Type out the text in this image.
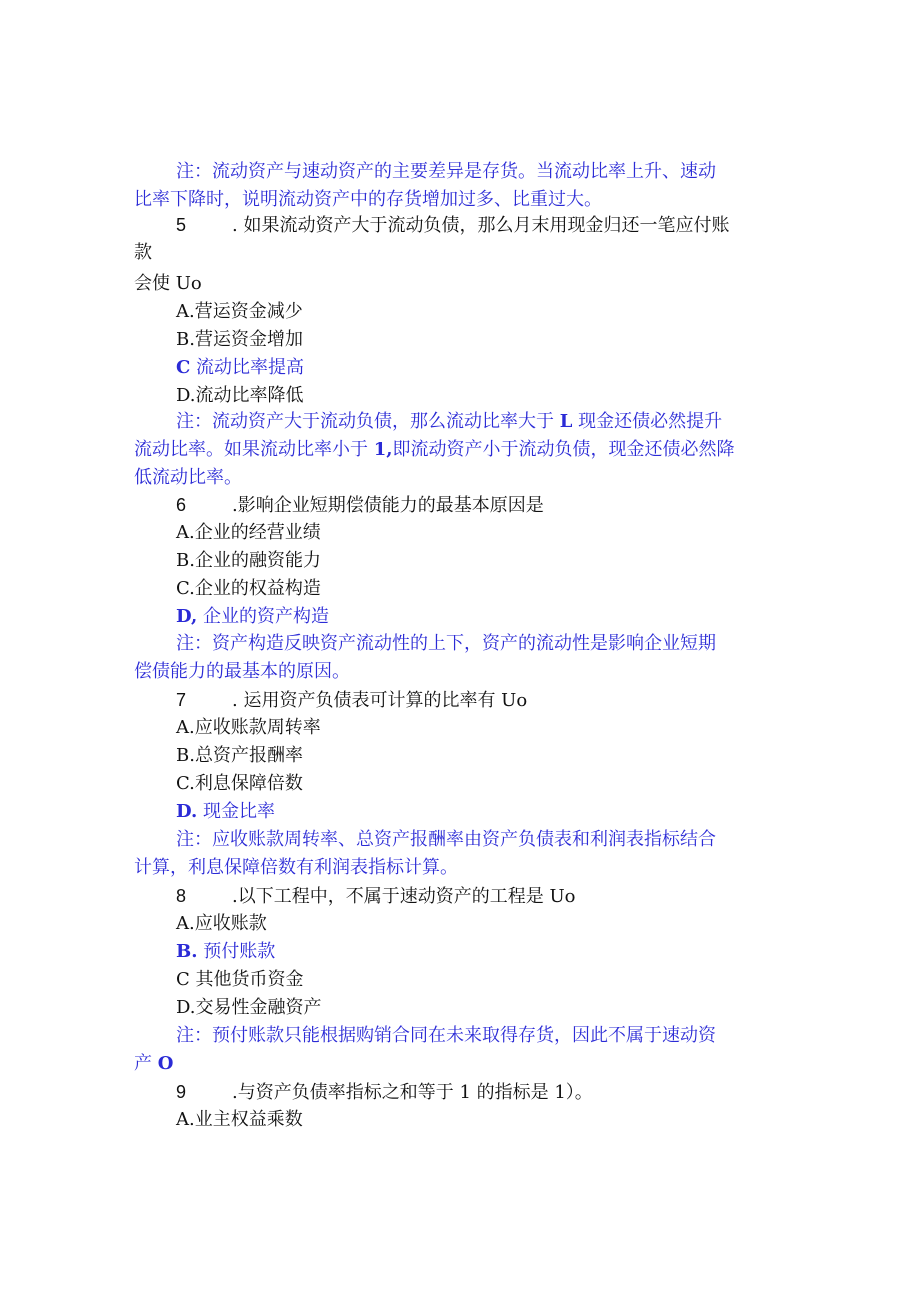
注：流动资产与速动资产的主要差异是存货。当流动比率上升、速动
比率下降时，说明流动资产中的存货增加过多、比重过大。
5	. 如果流动资产大于流动负债，那么月末用现金归还一笔应付账
款
会使 Uo
A.营运资金减少
B.营运资金增加
C 流动比率提高
D.流动比率降低
注：流动资产大于流动负债，那么流动比率大于 L 现金还债必然提升
流动比率。如果流动比率小于 1,即流动资产小于流动负债，现金还债必然降
低流动比率。
6	.影响企业短期偿债能力的最基本原因是
A.企业的经营业绩
B.企业的融资能力
C.企业的权益构造
D, 企业的资产构造
注：资产构造反映资产流动性的上下，资产的流动性是影响企业短期
偿债能力的最基本的原因。
7	. 运用资产负债表可计算的比率有 Uo
A.应收账款周转率
B.总资产报酬率
C.利息保障倍数
D. 现金比率
注：应收账款周转率、总资产报酬率由资产负债表和利润表指标结合
计算，利息保障倍数有利润表指标计算。
8	.以下工程中，不属于速动资产的工程是 Uo
A.应收账款
B. 预付账款
C 其他货币资金
D.交易性金融资产
注：预付账款只能根据购销合同在未来取得存货，因此不属于速动资
产 O
9	.与资产负债率指标之和等于 1 的指标是 1）。
A.业主权益乘数
